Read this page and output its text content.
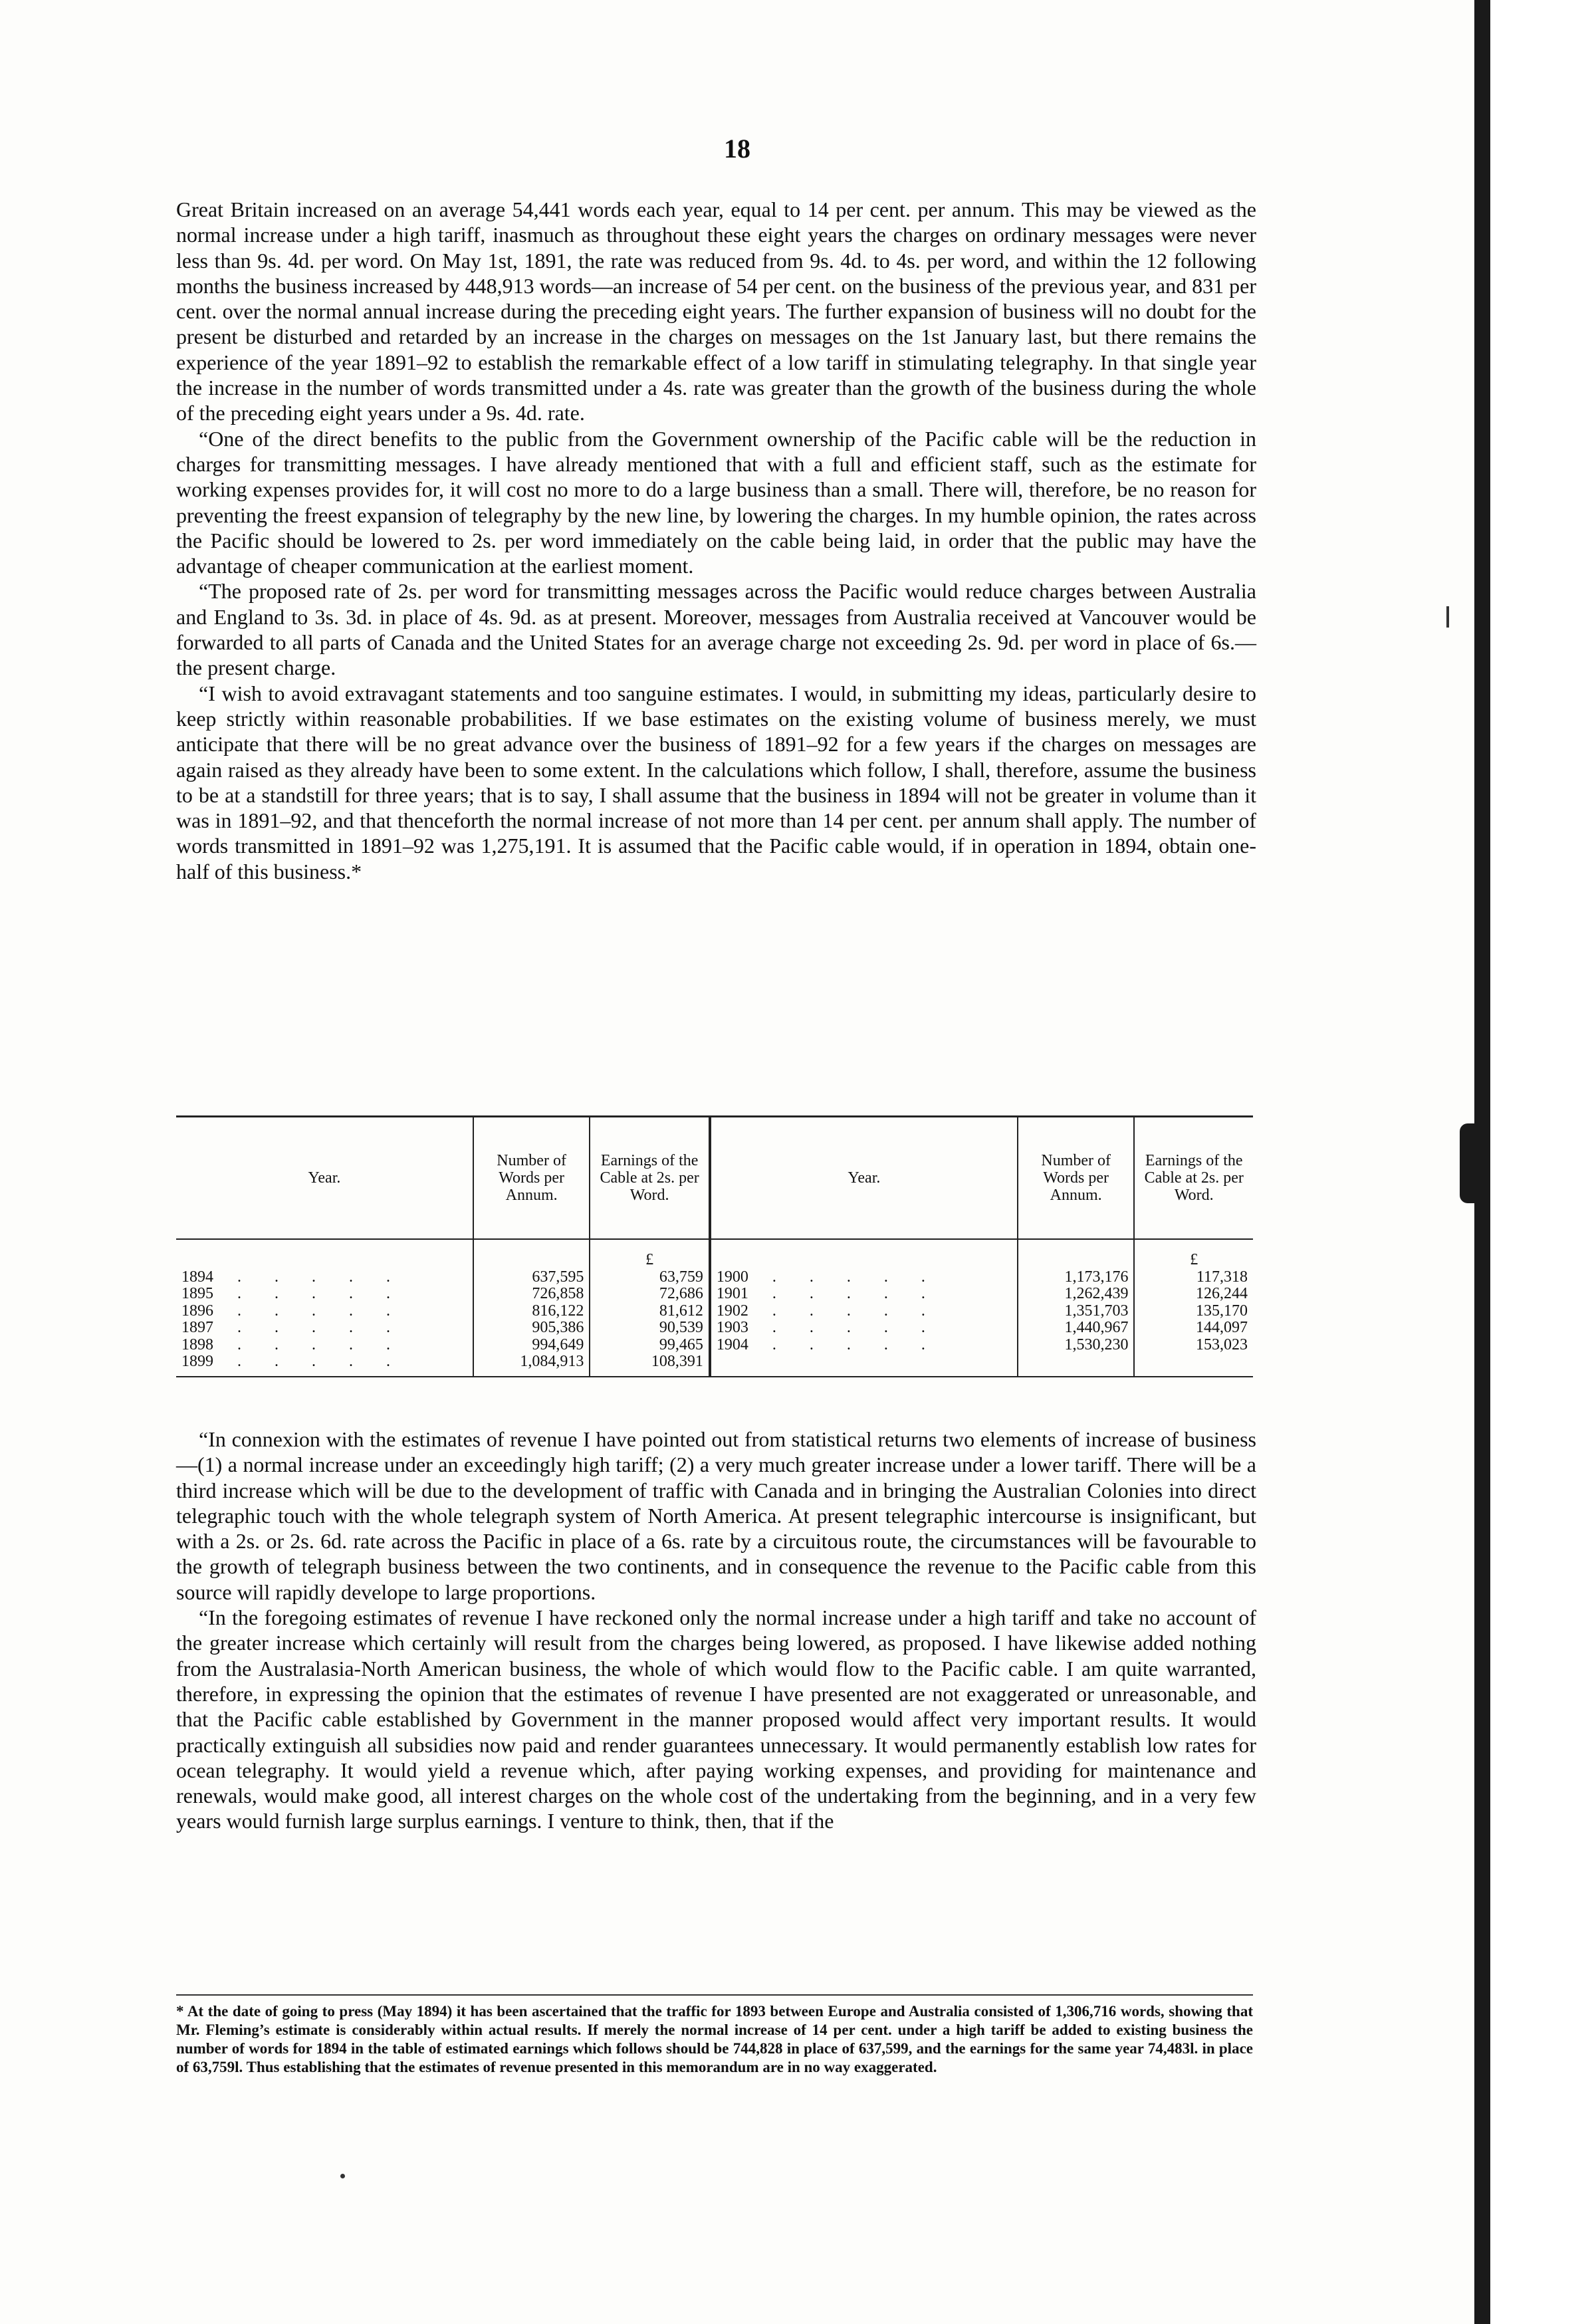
18

Great Britain increased on an average 54,441 words each year, equal to 14 per cent. per annum. This may be viewed as the normal increase under a high tariff, inasmuch as throughout these eight years the charges on ordinary messages were never less than 9s. 4d. per word. On May 1st, 1891, the rate was reduced from 9s. 4d. to 4s. per word, and within the 12 following months the business increased by 448,913 words—an increase of 54 per cent. on the business of the previous year, and 831 per cent. over the normal annual increase during the preceding eight years. The further expansion of business will no doubt for the present be disturbed and retarded by an increase in the charges on messages on the 1st January last, but there remains the experience of the year 1891–92 to establish the remarkable effect of a low tariff in stimulating telegraphy. In that single year the increase in the number of words transmitted under a 4s. rate was greater than the growth of the business during the whole of the preceding eight years under a 9s. 4d. rate.

“One of the direct benefits to the public from the Government ownership of the Pacific cable will be the reduction in charges for transmitting messages. I have already mentioned that with a full and efficient staff, such as the estimate for working expenses provides for, it will cost no more to do a large business than a small. There will, therefore, be no reason for preventing the freest expansion of telegraphy by the new line, by lowering the charges. In my humble opinion, the rates across the Pacific should be lowered to 2s. per word immediately on the cable being laid, in order that the public may have the advantage of cheaper communication at the earliest moment.

“The proposed rate of 2s. per word for transmitting messages across the Pacific would reduce charges between Australia and England to 3s. 3d. in place of 4s. 9d. as at present. Moreover, messages from Australia received at Vancouver would be forwarded to all parts of Canada and the United States for an average charge not exceeding 2s. 9d. per word in place of 6s.—the present charge.

“I wish to avoid extravagant statements and too sanguine estimates. I would, in submitting my ideas, particularly desire to keep strictly within reasonable probabilities. If we base estimates on the existing volume of business merely, we must anticipate that there will be no great advance over the business of 1891–92 for a few years if the charges on messages are again raised as they already have been to some extent. In the calculations which follow, I shall, therefore, assume the business to be at a standstill for three years; that is to say, I shall assume that the business in 1894 will not be greater in volume than it was in 1891–92, and that thenceforth the normal increase of not more than 14 per cent. per annum shall apply. The number of words transmitted in 1891–92 was 1,275,191. It is assumed that the Pacific cable would, if in operation in 1894, obtain one-half of this business.*

Year.	Number of Words per Annum.	Earnings of the Cable at 2s. per Word.	Year.	Number of Words per Annum.	Earnings of the Cable at 2s. per Word.
		£			£
1894 . . . . .	637,595	63,759	1900 . . . . .	1,173,176	117,318
1895 . . . . .	726,858	72,686	1901 . . . . .	1,262,439	126,244
1896 . . . . .	816,122	81,612	1902 . . . . .	1,351,703	135,170
1897 . . . . .	905,386	90,539	1903 . . . . .	1,440,967	144,097
1898 . . . . .	994,649	99,465	1904 . . . . .	1,530,230	153,023
1899 . . . . .	1,084,913	108,391			

“In connexion with the estimates of revenue I have pointed out from statistical returns two elements of increase of business—(1) a normal increase under an exceedingly high tariff; (2) a very much greater increase under a lower tariff. There will be a third increase which will be due to the development of traffic with Canada and in bringing the Australian Colonies into direct telegraphic touch with the whole telegraph system of North America. At present telegraphic intercourse is insignificant, but with a 2s. or 2s. 6d. rate across the Pacific in place of a 6s. rate by a circuitous route, the circumstances will be favourable to the growth of telegraph business between the two continents, and in consequence the revenue to the Pacific cable from this source will rapidly develope to large proportions.

“In the foregoing estimates of revenue I have reckoned only the normal increase under a high tariff and take no account of the greater increase which certainly will result from the charges being lowered, as proposed. I have likewise added nothing from the Australasia-North American business, the whole of which would flow to the Pacific cable. I am quite warranted, therefore, in expressing the opinion that the estimates of revenue I have presented are not exaggerated or unreasonable, and that the Pacific cable established by Government in the manner proposed would affect very important results. It would practically extinguish all subsidies now paid and render guarantees unnecessary. It would permanently establish low rates for ocean telegraphy. It would yield a revenue which, after paying working expenses, and providing for maintenance and renewals, would make good, all interest charges on the whole cost of the undertaking from the beginning, and in a very few years would furnish large surplus earnings. I venture to think, then, that if the

* At the date of going to press (May 1894) it has been ascertained that the traffic for 1893 between Europe and Australia consisted of 1,306,716 words, showing that Mr. Fleming’s estimate is considerably within actual results. If merely the normal increase of 14 per cent. under a high tariff be added to existing business the number of words for 1894 in the table of estimated earnings which follows should be 744,828 in place of 637,599, and the earnings for the same year 74,483l. in place of 63,759l. Thus establishing that the estimates of revenue presented in this memorandum are in no way exaggerated.
